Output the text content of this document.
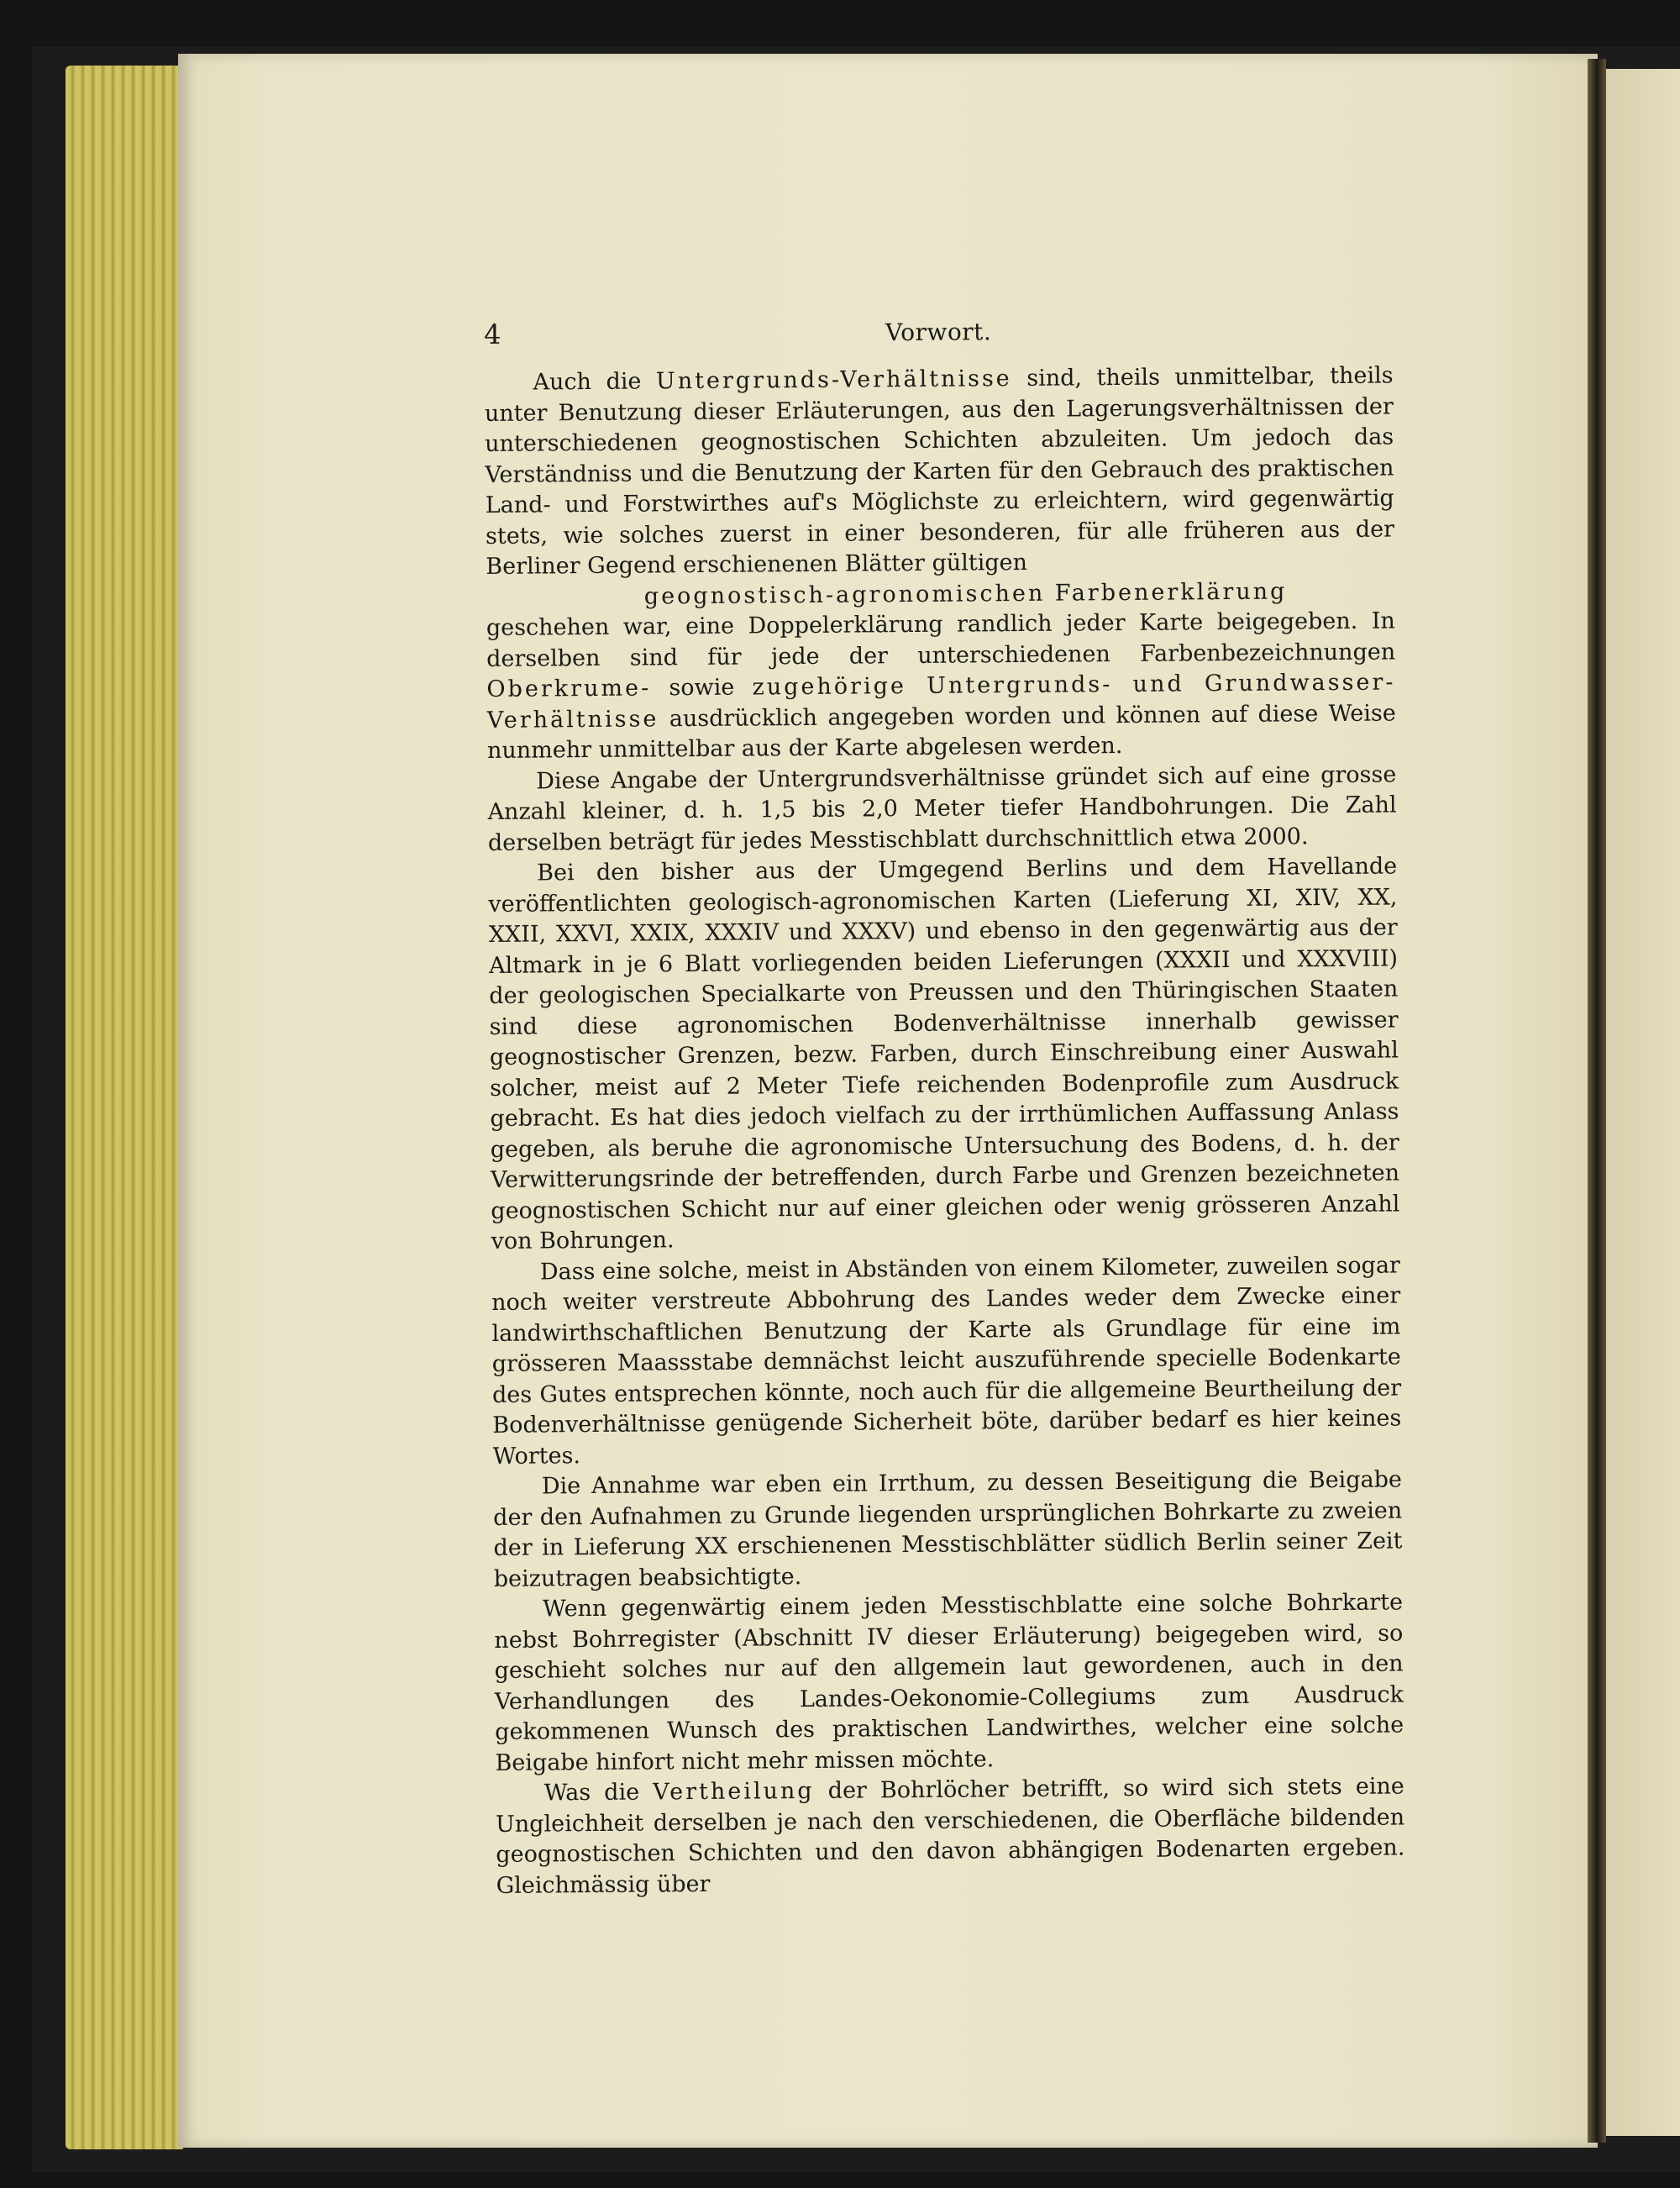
4	Vorwort.

Auch die Untergrunds-Verhältnisse sind, theils unmittelbar, theils unter Benutzung dieser Erläuterungen, aus den Lagerungsverhältnissen der unterschiedenen geognostischen Schichten abzuleiten. Um jedoch das Verständniss und die Benutzung der Karten für den Gebrauch des praktischen Land- und Forstwirthes auf's Möglichste zu erleichtern, wird gegenwärtig stets, wie solches zuerst in einer besonderen, für alle früheren aus der Berliner Gegend erschienenen Blätter gültigen

geognostisch-agronomischen Farbenerklärung

geschehen war, eine Doppelerklärung randlich jeder Karte beigegeben. In derselben sind für jede der unterschiedenen Farbenbezeichnungen Oberkrume- sowie zugehörige Untergrunds- und Grundwasser-Verhältnisse ausdrücklich angegeben worden und können auf diese Weise nunmehr unmittelbar aus der Karte abgelesen werden.

Diese Angabe der Untergrundsverhältnisse gründet sich auf eine grosse Anzahl kleiner, d. h. 1,5 bis 2,0 Meter tiefer Handbohrungen. Die Zahl derselben beträgt für jedes Messtischblatt durchschnittlich etwa 2000.

Bei den bisher aus der Umgegend Berlins und dem Havellande veröffentlichten geologisch-agronomischen Karten (Lieferung XI, XIV, XX, XXII, XXVI, XXIX, XXXIV und XXXV) und ebenso in den gegenwärtig aus der Altmark in je 6 Blatt vorliegenden beiden Lieferungen (XXXII und XXXVIII) der geologischen Specialkarte von Preussen und den Thüringischen Staaten sind diese agronomischen Bodenverhältnisse innerhalb gewisser geognostischer Grenzen, bezw. Farben, durch Einschreibung einer Auswahl solcher, meist auf 2 Meter Tiefe reichenden Bodenprofile zum Ausdruck gebracht. Es hat dies jedoch vielfach zu der irrthümlichen Auffassung Anlass gegeben, als beruhe die agronomische Untersuchung des Bodens, d. h. der Verwitterungsrinde der betreffenden, durch Farbe und Grenzen bezeichneten geognostischen Schicht nur auf einer gleichen oder wenig grösseren Anzahl von Bohrungen.

Dass eine solche, meist in Abständen von einem Kilometer, zuweilen sogar noch weiter verstreute Abbohrung des Landes weder dem Zwecke einer landwirthschaftlichen Benutzung der Karte als Grundlage für eine im grösseren Maassstabe demnächst leicht auszuführende specielle Bodenkarte des Gutes entsprechen könnte, noch auch für die allgemeine Beurtheilung der Bodenverhältnisse genügende Sicherheit böte, darüber bedarf es hier keines Wortes.

Die Annahme war eben ein Irrthum, zu dessen Beseitigung die Beigabe der den Aufnahmen zu Grunde liegenden ursprünglichen Bohrkarte zu zweien der in Lieferung XX erschienenen Messtischblätter südlich Berlin seiner Zeit beizutragen beabsichtigte.

Wenn gegenwärtig einem jeden Messtischblatte eine solche Bohrkarte nebst Bohrregister (Abschnitt IV dieser Erläuterung) beigegeben wird, so geschieht solches nur auf den allgemein laut gewordenen, auch in den Verhandlungen des Landes-Oekonomie-Collegiums zum Ausdruck gekommenen Wunsch des praktischen Landwirthes, welcher eine solche Beigabe hinfort nicht mehr missen möchte.

Was die Vertheilung der Bohrlöcher betrifft, so wird sich stets eine Ungleichheit derselben je nach den verschiedenen, die Oberfläche bildenden geognostischen Schichten und den davon abhängigen Bodenarten ergeben. Gleichmässig über
